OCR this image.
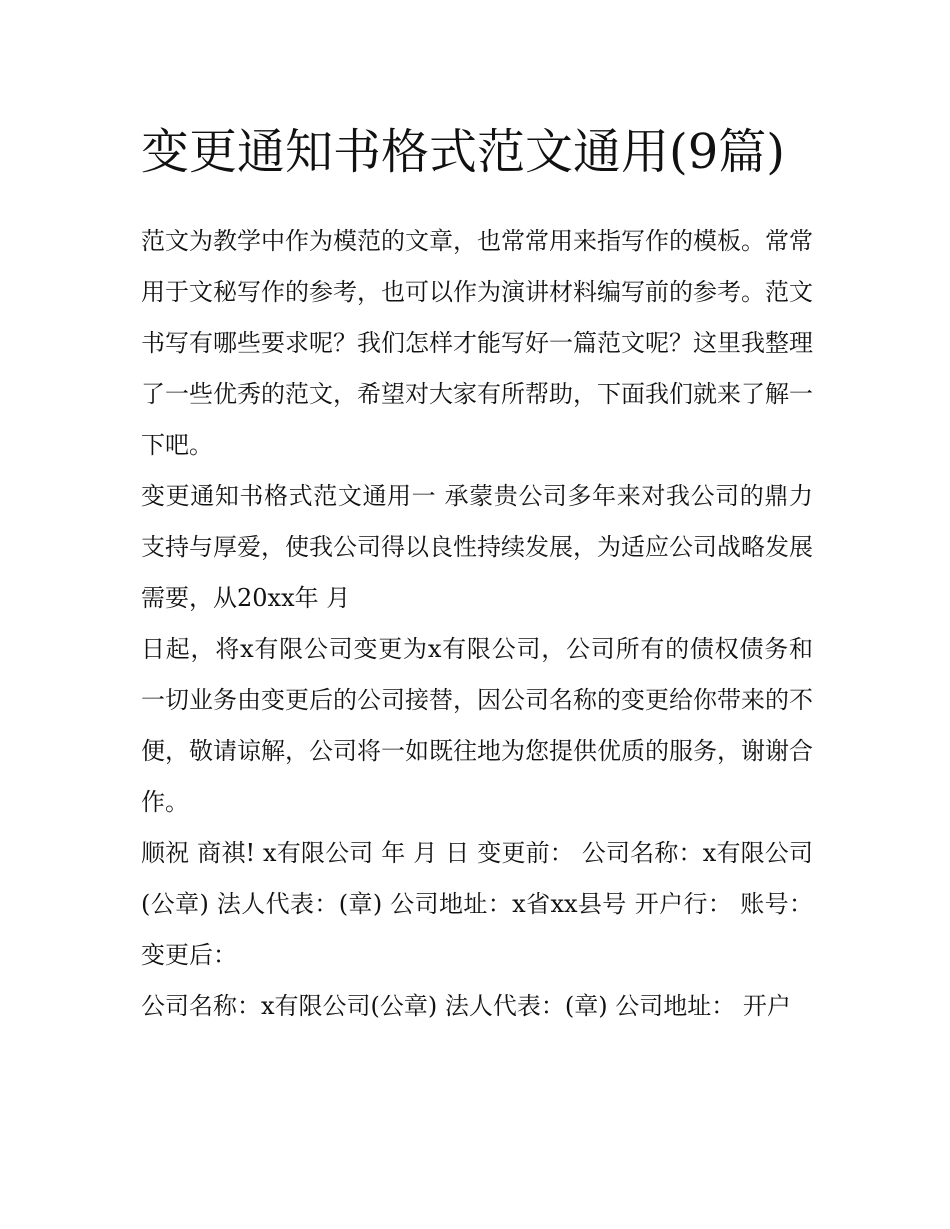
变更通知书格式范文通用(9篇)

范文为教学中作为模范的文章，也常常用来指写作的模板。常常用于文秘写作的参考，也可以作为演讲材料编写前的参考。范文书写有哪些要求呢？我们怎样才能写好一篇范文呢？这里我整理了一些优秀的范文，希望对大家有所帮助，下面我们就来了解一下吧。

变更通知书格式范文通用一 承蒙贵公司多年来对我公司的鼎力支持与厚爱，使我公司得以良性持续发展，为适应公司战略发展需要，从20xx年 月

日起，将x有限公司变更为x有限公司，公司所有的债权债务和一切业务由变更后的公司接替，因公司名称的变更给你带来的不便，敬请谅解，公司将一如既往地为您提供优质的服务，谢谢合作。

顺祝 商祺! x有限公司 年 月 日 变更前： 公司名称：x有限公司(公章) 法人代表：(章) 公司地址：x省xx县号 开户行： 账号： 变更后：

公司名称：x有限公司(公章) 法人代表：(章) 公司地址： 开户
